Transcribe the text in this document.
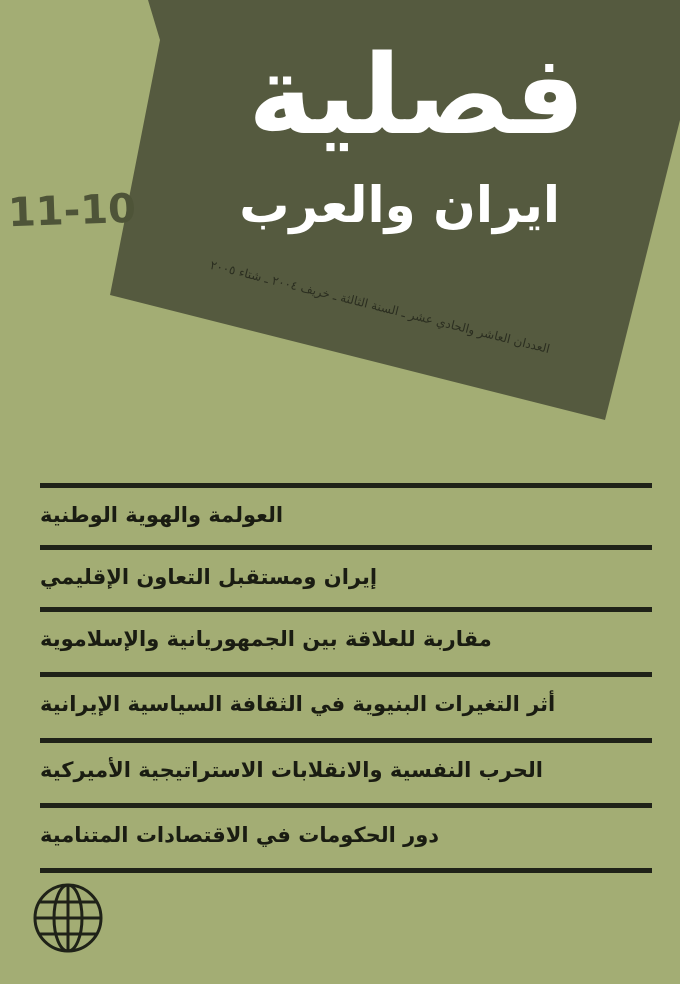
فصلية
ايران والعرب
11-10
العددان العاشر والحادي عشر ـ السنة الثالثة ـ خريف ٢٠٠٤ ـ شتاء ٢٠٠٥
العولمة والهوية الوطنية
إيران ومستقبل التعاون الإقليمي
مقاربة للعلاقة بين الجمهوريانية والإسلاموية
أثر التغيرات البنيوية في الثقافة السياسية الإيرانية
الحرب النفسية والانقلابات الاستراتيجية الأميركية
دور الحكومات في الاقتصادات المتنامية
